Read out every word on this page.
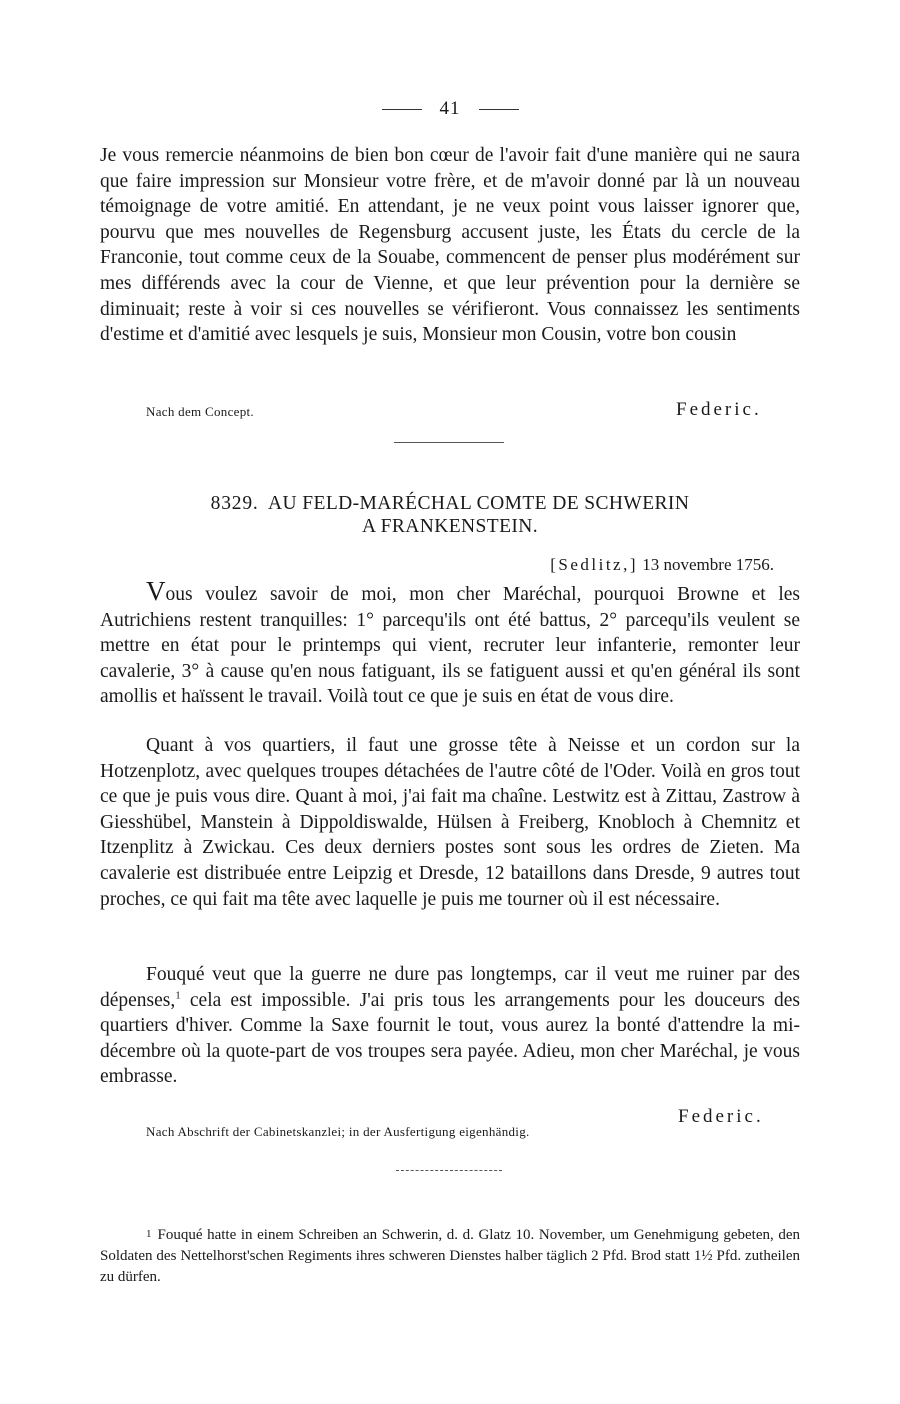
41

Je vous remercie néanmoins de bien bon cœur de l'avoir fait d'une manière qui ne saura que faire impression sur Monsieur votre frère, et de m'avoir donné par là un nouveau témoignage de votre amitié. En attendant, je ne veux point vous laisser ignorer que, pourvu que mes nouvelles de Regensburg accusent juste, les États du cercle de la Franconie, tout comme ceux de la Souabe, commencent de penser plus modérément sur mes différends avec la cour de Vienne, et que leur prévention pour la dernière se diminuait; reste à voir si ces nouvelles se vérifieront. Vous connaissez les sentiments d'estime et d'amitié avec lesquels je suis, Monsieur mon Cousin, votre bon cousin

Nach dem Concept.	Federic.

8329. AU FELD-MARÉCHAL COMTE DE SCHWERIN
A FRANKENSTEIN.

[Sedlitz,] 13 novembre 1756.

Vous voulez savoir de moi, mon cher Maréchal, pourquoi Browne et les Autrichiens restent tranquilles: 1° parcequ'ils ont été battus, 2° parcequ'ils veulent se mettre en état pour le printemps qui vient, recruter leur infanterie, remonter leur cavalerie, 3° à cause qu'en nous fatiguant, ils se fatiguent aussi et qu'en général ils sont amollis et haïssent le travail. Voilà tout ce que je suis en état de vous dire.

Quant à vos quartiers, il faut une grosse tête à Neisse et un cordon sur la Hotzenplotz, avec quelques troupes détachées de l'autre côté de l'Oder. Voilà en gros tout ce que je puis vous dire. Quant à moi, j'ai fait ma chaîne. Lestwitz est à Zittau, Zastrow à Giesshübel, Manstein à Dippoldiswalde, Hülsen à Freiberg, Knobloch à Chemnitz et Itzenplitz à Zwickau. Ces deux derniers postes sont sous les ordres de Zieten. Ma cavalerie est distribuée entre Leipzig et Dresde, 12 bataillons dans Dresde, 9 autres tout proches, ce qui fait ma tête avec laquelle je puis me tourner où il est nécessaire.

Fouqué veut que la guerre ne dure pas longtemps, car il veut me ruiner par des dépenses,$^1$ cela est impossible. J'ai pris tous les arrangements pour les douceurs des quartiers d'hiver. Comme la Saxe fournit le tout, vous aurez la bonté d'attendre la mi-décembre où la quote-part de vos troupes sera payée. Adieu, mon cher Maréchal, je vous embrasse.

Federic.
Nach Abschrift der Cabinetskanzlei; in der Ausfertigung eigenhändig.

1 Fouqué hatte in einem Schreiben an Schwerin, d. d. Glatz 10. November, um Genehmigung gebeten, den Soldaten des Nettelhorst'schen Regiments ihres schweren Dienstes halber täglich 2 Pfd. Brod statt 1½ Pfd. zutheilen zu dürfen.
